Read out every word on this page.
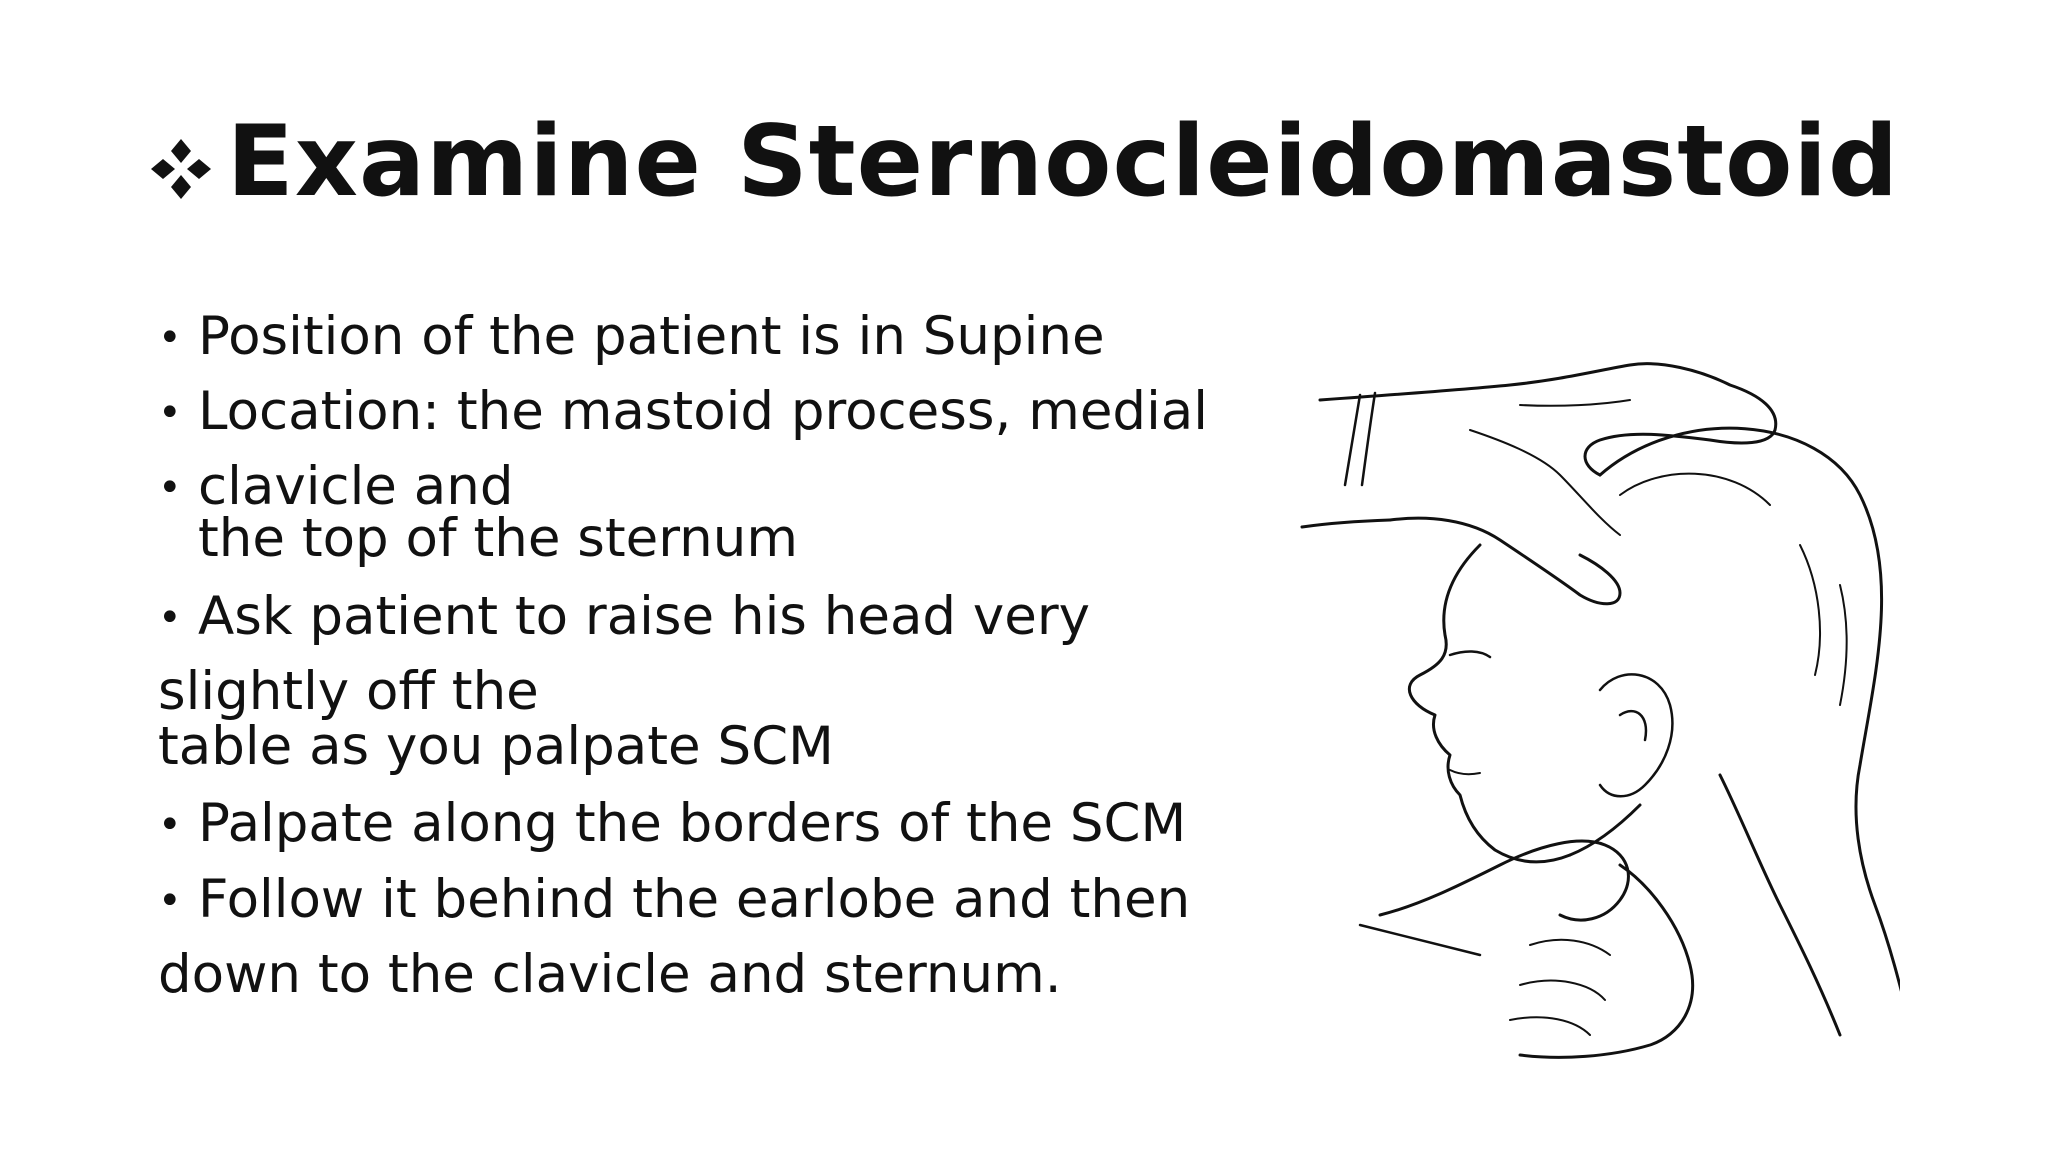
Examine Sternocleidomastoid
• Position of the patient is in Supine
• Location: the mastoid process, medial
• clavicle and
the top of the sternum
• Ask patient to raise his head very
slightly off the
table as you palpate SCM
• Palpate along the borders of the SCM
• Follow it behind the earlobe and then
down to the clavicle and sternum.
